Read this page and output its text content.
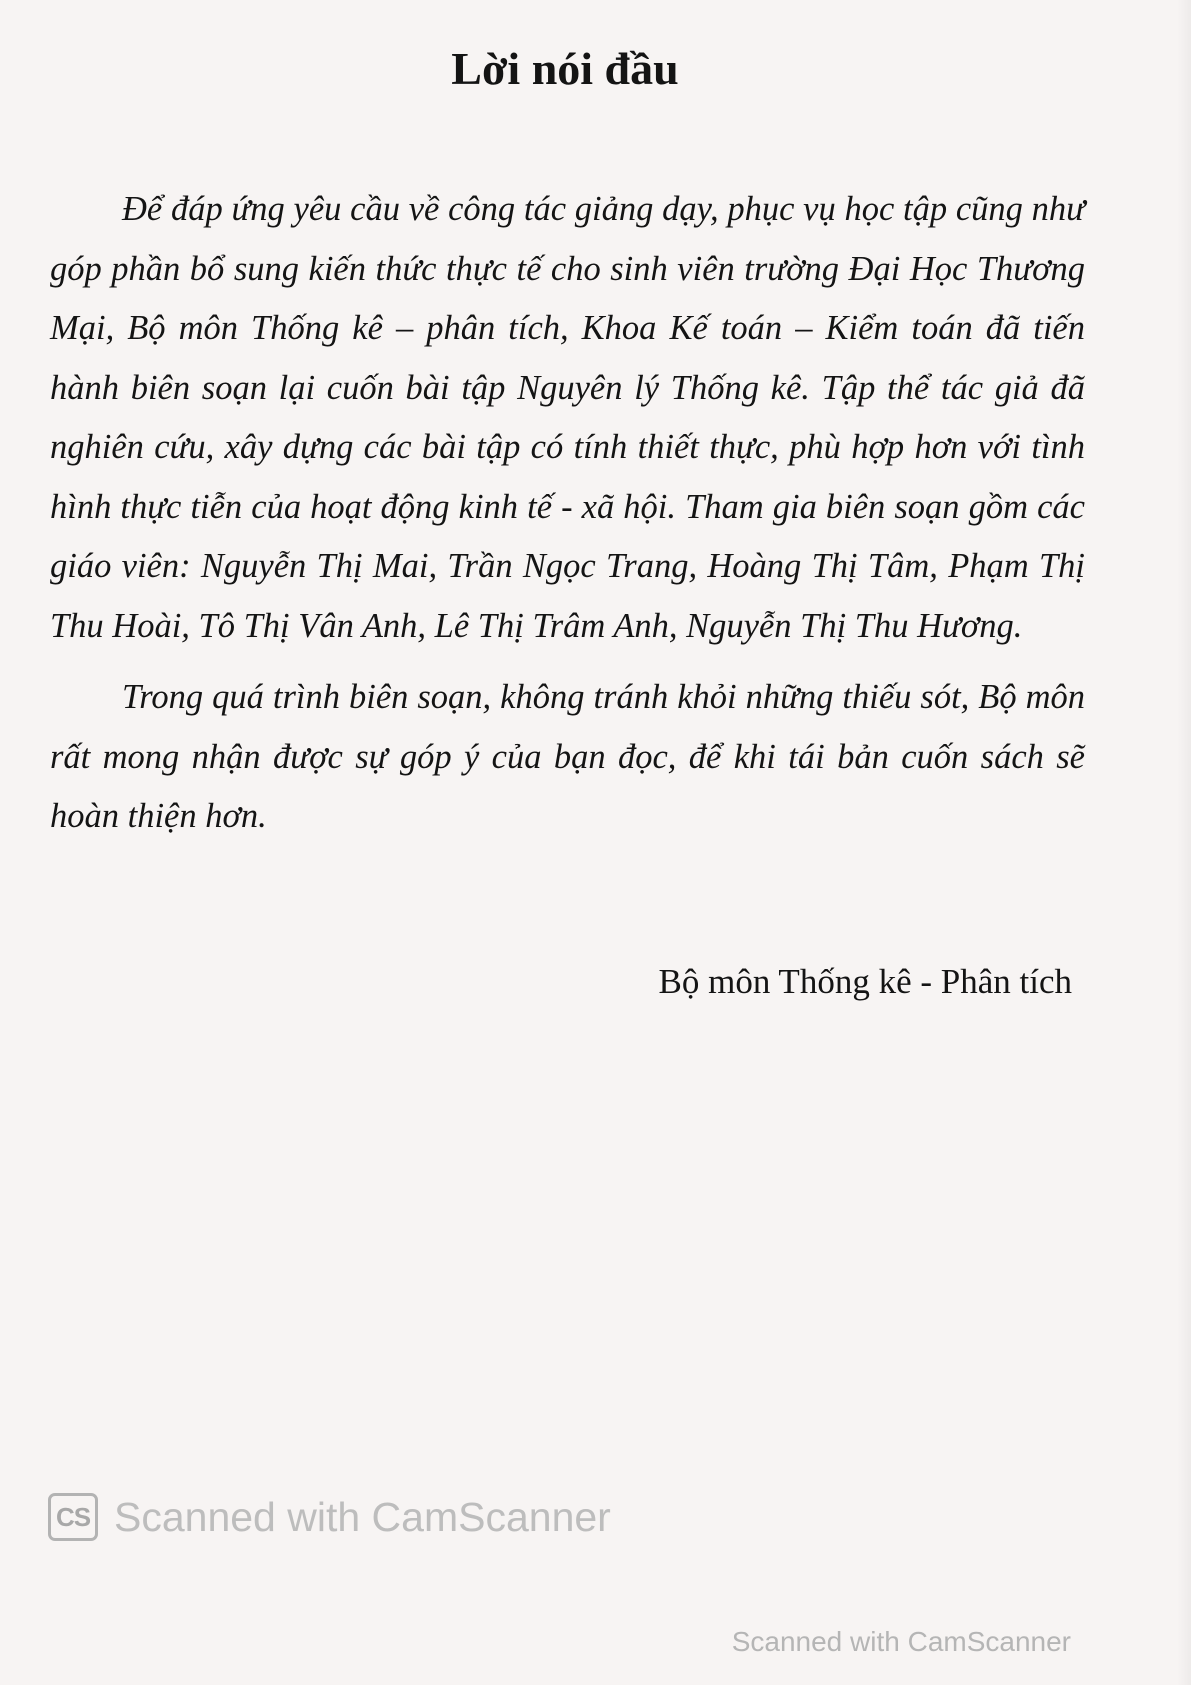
Lời nói đầu

Để đáp ứng yêu cầu về công tác giảng dạy, phục vụ học tập cũng như góp phần bổ sung kiến thức thực tế cho sinh viên trường Đại Học Thương Mại, Bộ môn Thống kê – phân tích, Khoa Kế toán – Kiểm toán đã tiến hành biên soạn lại cuốn bài tập Nguyên lý Thống kê. Tập thể tác giả đã nghiên cứu, xây dựng các bài tập có tính thiết thực, phù hợp hơn với tình hình thực tiễn của hoạt động kinh tế - xã hội. Tham gia biên soạn gồm các giáo viên: Nguyễn Thị Mai, Trần Ngọc Trang, Hoàng Thị Tâm, Phạm Thị Thu Hoài, Tô Thị Vân Anh, Lê Thị Trâm Anh, Nguyễn Thị Thu Hương.

Trong quá trình biên soạn, không tránh khỏi những thiếu sót, Bộ môn rất mong nhận được sự góp ý của bạn đọc, để khi tái bản cuốn sách sẽ hoàn thiện hơn.

Bộ môn Thống kê - Phân tích

CS Scanned with CamScanner
Scanned with CamScanner
